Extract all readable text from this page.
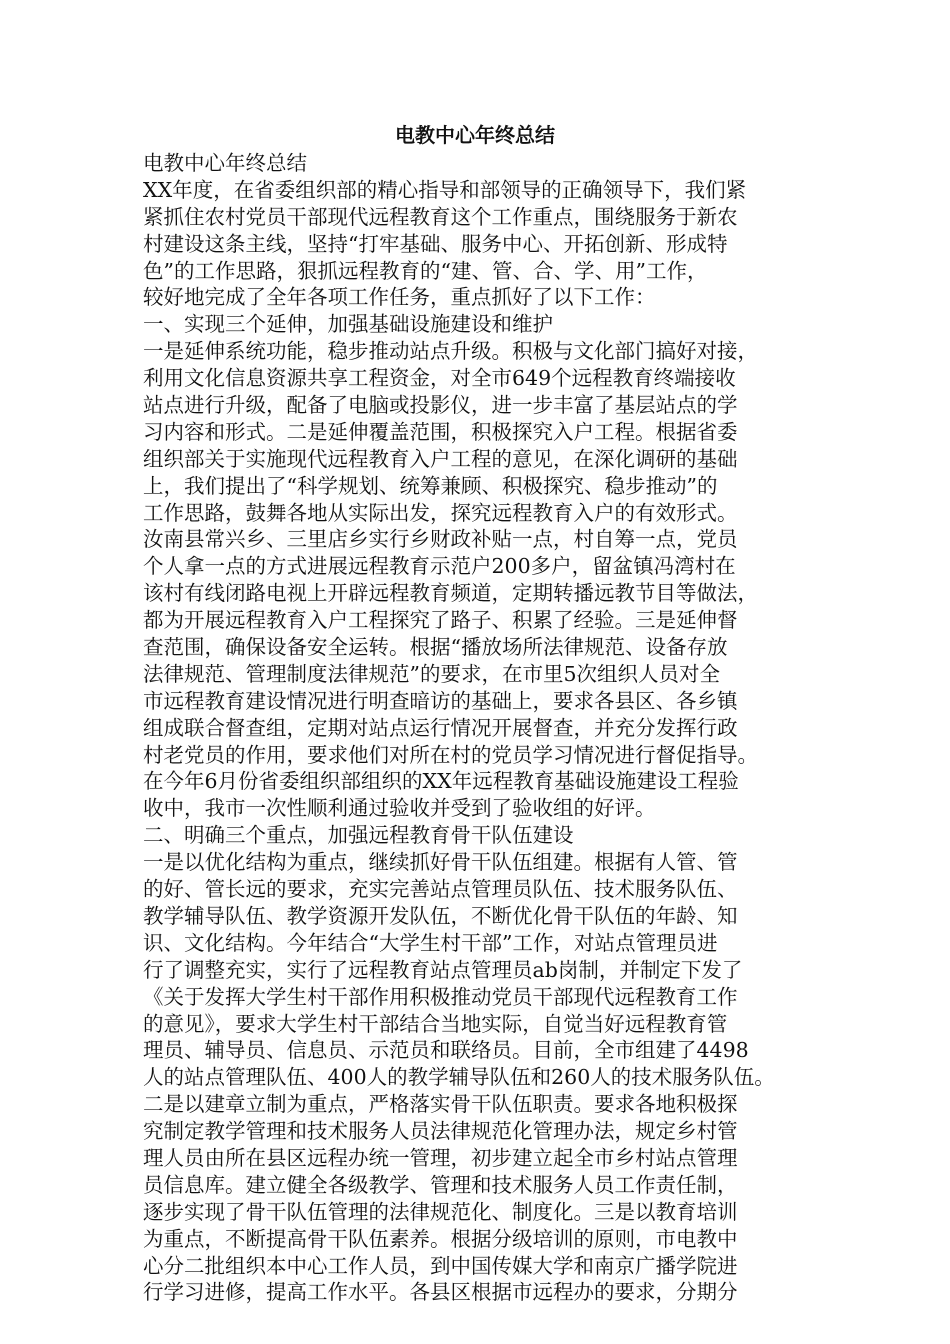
电教中心年终总结
电教中心年终总结
XX年度，在省委组织部的精心指导和部领导的正确领导下，我们紧
紧抓住农村党员干部现代远程教育这个工作重点，围绕服务于新农
村建设这条主线，坚持“打牢基础、服务中心、开拓创新、形成特
色”的工作思路，狠抓远程教育的“建、管、合、学、用”工作，
较好地完成了全年各项工作任务，重点抓好了以下工作：
一、实现三个延伸，加强基础设施建设和维护
一是延伸系统功能，稳步推动站点升级。积极与文化部门搞好对接，
利用文化信息资源共享工程资金，对全市649个远程教育终端接收
站点进行升级，配备了电脑或投影仪，进一步丰富了基层站点的学
习内容和形式。二是延伸覆盖范围，积极探究入户工程。根据省委
组织部关于实施现代远程教育入户工程的意见，在深化调研的基础
上，我们提出了“科学规划、统筹兼顾、积极探究、稳步推动”的
工作思路，鼓舞各地从实际出发，探究远程教育入户的有效形式。
汝南县常兴乡、三里店乡实行乡财政补贴一点，村自筹一点，党员
个人拿一点的方式进展远程教育示范户200多户，留盆镇冯湾村在
该村有线闭路电视上开辟远程教育频道，定期转播远教节目等做法，
都为开展远程教育入户工程探究了路子、积累了经验。三是延伸督
查范围，确保设备安全运转。根据“播放场所法律规范、设备存放
法律规范、管理制度法律规范”的要求，在市里5次组织人员对全
市远程教育建设情况进行明查暗访的基础上，要求各县区、各乡镇
组成联合督查组，定期对站点运行情况开展督查，并充分发挥行政
村老党员的作用，要求他们对所在村的党员学习情况进行督促指导。
在今年6月份省委组织部组织的XX年远程教育基础设施建设工程验
收中，我市一次性顺利通过验收并受到了验收组的好评。
二、明确三个重点，加强远程教育骨干队伍建设
一是以优化结构为重点，继续抓好骨干队伍组建。根据有人管、管
的好、管长远的要求，充实完善站点管理员队伍、技术服务队伍、
教学辅导队伍、教学资源开发队伍，不断优化骨干队伍的年龄、知
识、文化结构。今年结合“大学生村干部”工作，对站点管理员进
行了调整充实，实行了远程教育站点管理员ab岗制，并制定下发了
《关于发挥大学生村干部作用积极推动党员干部现代远程教育工作
的意见》，要求大学生村干部结合当地实际，自觉当好远程教育管
理员、辅导员、信息员、示范员和联络员。目前，全市组建了4498
人的站点管理队伍、400人的教学辅导队伍和260人的技术服务队伍。
二是以建章立制为重点，严格落实骨干队伍职责。要求各地积极探
究制定教学管理和技术服务人员法律规范化管理办法，规定乡村管
理人员由所在县区远程办统一管理，初步建立起全市乡村站点管理
员信息库。建立健全各级教学、管理和技术服务人员工作责任制，
逐步实现了骨干队伍管理的法律规范化、制度化。三是以教育培训
为重点，不断提高骨干队伍素养。根据分级培训的原则，市电教中
心分二批组织本中心工作人员，到中国传媒大学和南京广播学院进
行学习进修，提高工作水平。各县区根据市远程办的要求，分期分
